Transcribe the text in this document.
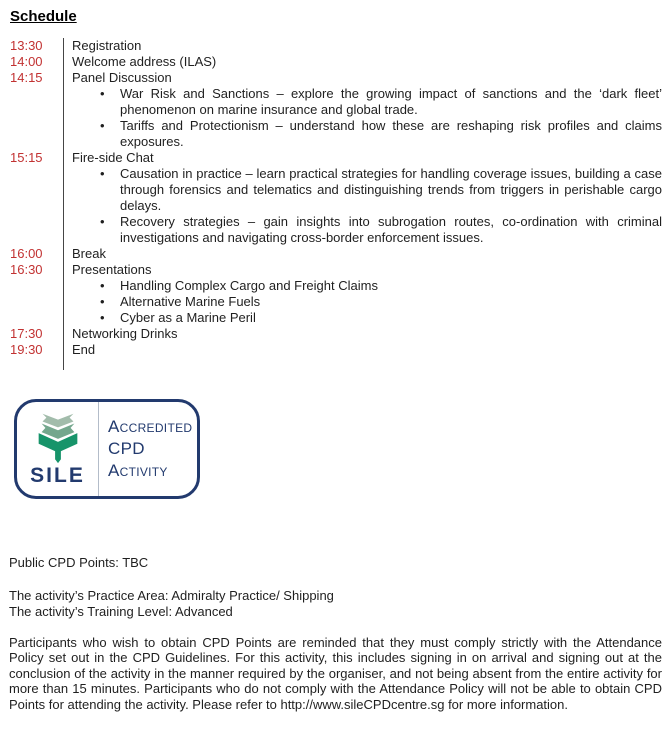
Schedule
13:30	Registration
14:00	Welcome address (ILAS)
14:15	Panel Discussion
• War Risk and Sanctions – explore the growing impact of sanctions and the ‘dark fleet’ phenomenon on marine insurance and global trade.
• Tariffs and Protectionism – understand how these are reshaping risk profiles and claims exposures.
15:15	Fire-side Chat
• Causation in practice – learn practical strategies for handling coverage issues, building a case through forensics and telematics and distinguishing trends from triggers in perishable cargo delays.
• Recovery strategies – gain insights into subrogation routes, co-ordination with criminal investigations and navigating cross-border enforcement issues.
16:00	Break
16:30	Presentations
• Handling Complex Cargo and Freight Claims
• Alternative Marine Fuels
• Cyber as a Marine Peril
17:30	Networking Drinks
19:30	End
SILE
Accredited
CPD
Activity
Public CPD Points: TBC
The activity’s Practice Area: Admiralty Practice/ Shipping
The activity’s Training Level: Advanced

Participants who wish to obtain CPD Points are reminded that they must comply strictly with the Attendance Policy set out in the CPD Guidelines. For this activity, this includes signing in on arrival and signing out at the conclusion of the activity in the manner required by the organiser, and not being absent from the entire activity for more than 15 minutes. Participants who do not comply with the Attendance Policy will not be able to obtain CPD Points for attending the activity. Please refer to http://www.sileCPDcentre.sg for more information.
